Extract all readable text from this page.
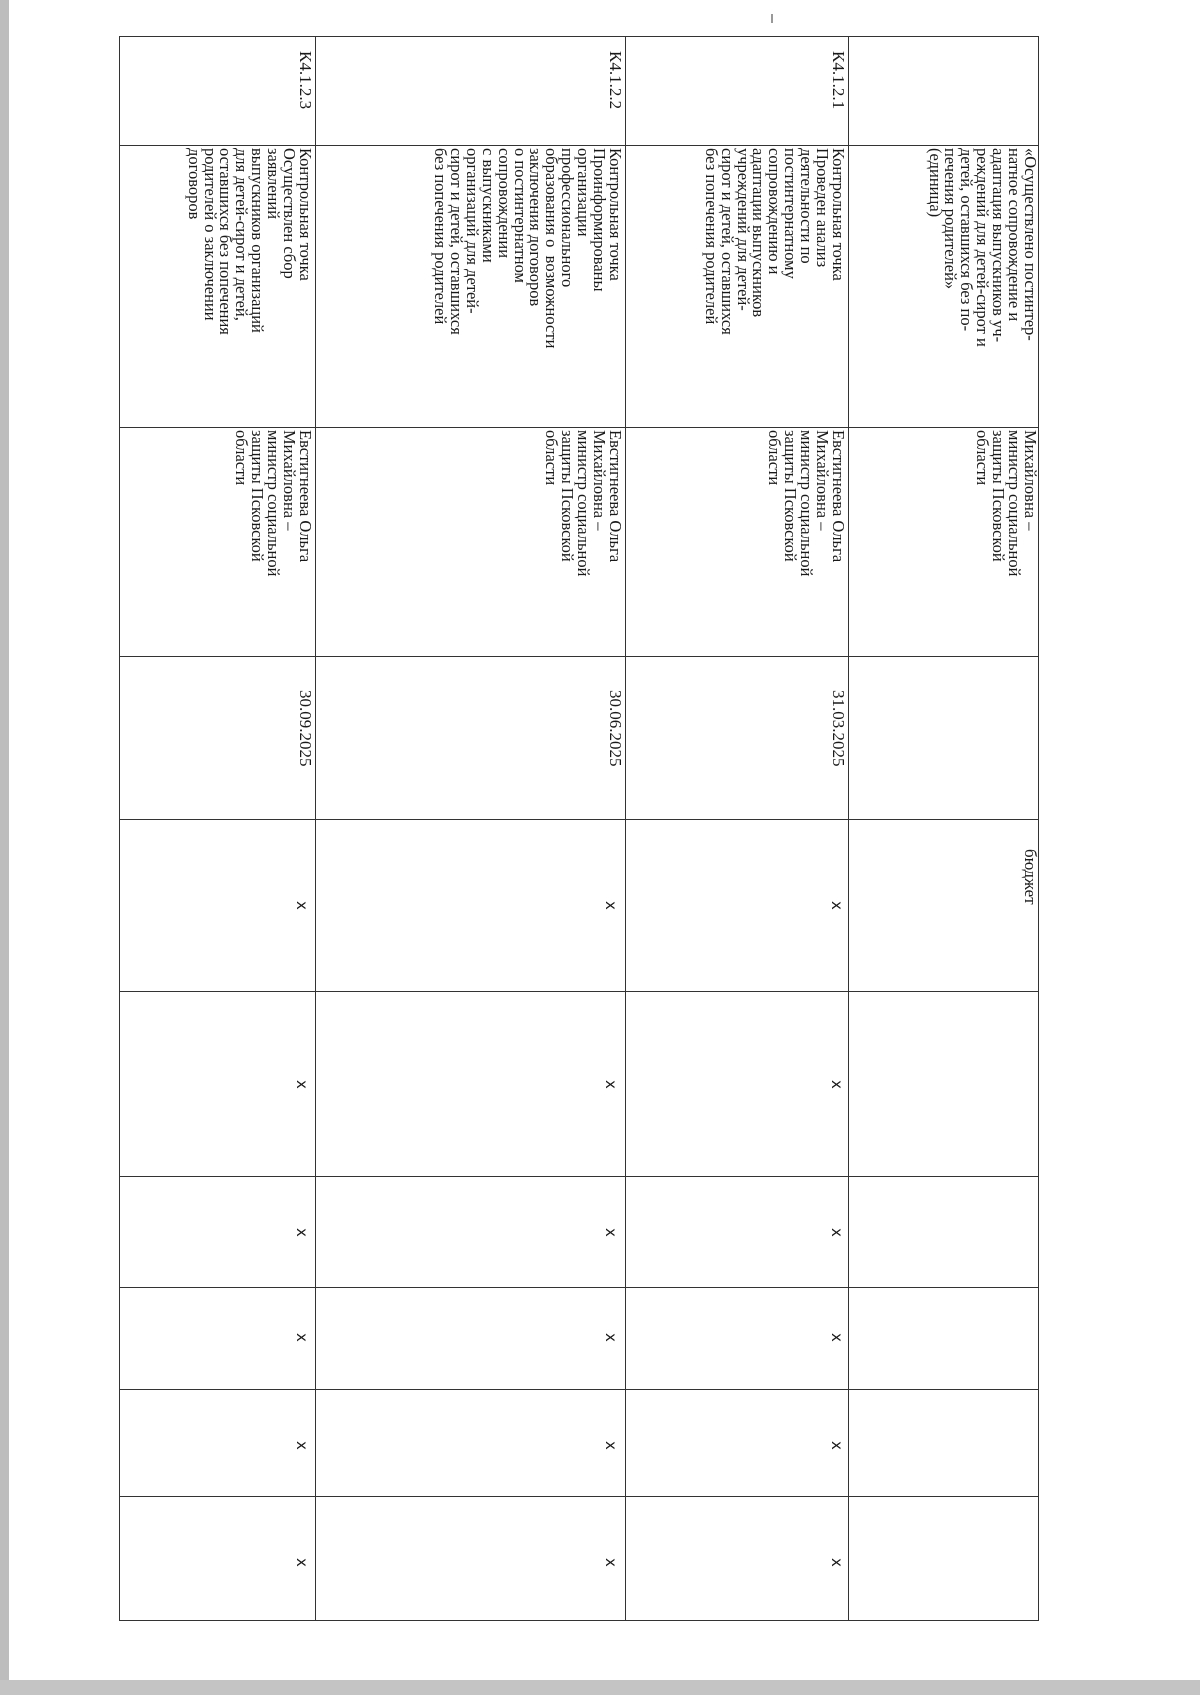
«Осуществлено постинтер-
натное сопровождение и
адаптация выпускников уч-
реждений для детей-сирот и
детей, оставшихся без по-
печения родителей»
(единица)
Михайловна –
министр социальной
защиты Псковской
области
бюджет
К4.1.2.1
Контрольная точка
Проведен анализ
деятельности по
постинтернатному
сопровождению и
адаптации выпускников
учреждений для детей-
сирот и детей, оставшихся
без попечения родителей
Евстигнеева Ольга
Михайловна –
министр социальной
защиты Псковской
области
31.03.2025
К4.1.2.2
Контрольная точка
Проинформированы
организации
профессионального
образования о  возможности
заключения договоров
о постинтернатном
сопровождении
с выпускниками
организаций для детей-
сирот и детей, оставшихся
без попечения родителей
Евстигнеева Ольга
Михайловна –
министр социальной
защиты Псковской
области
30.06.2025
К4.1.2.3
Контрольная точка
Осуществлен сбор
заявлений
выпускников организаций
для детей-сирот и детей,
оставшихся без попечения
родителей о заключении
договоров
Евстигнеева Ольга
Михайловна –
министр социальной
защиты Псковской
области
30.09.2025
x
x
x
x
x
x
x
x
x
x
x
x
x
x
x
x
x
x
